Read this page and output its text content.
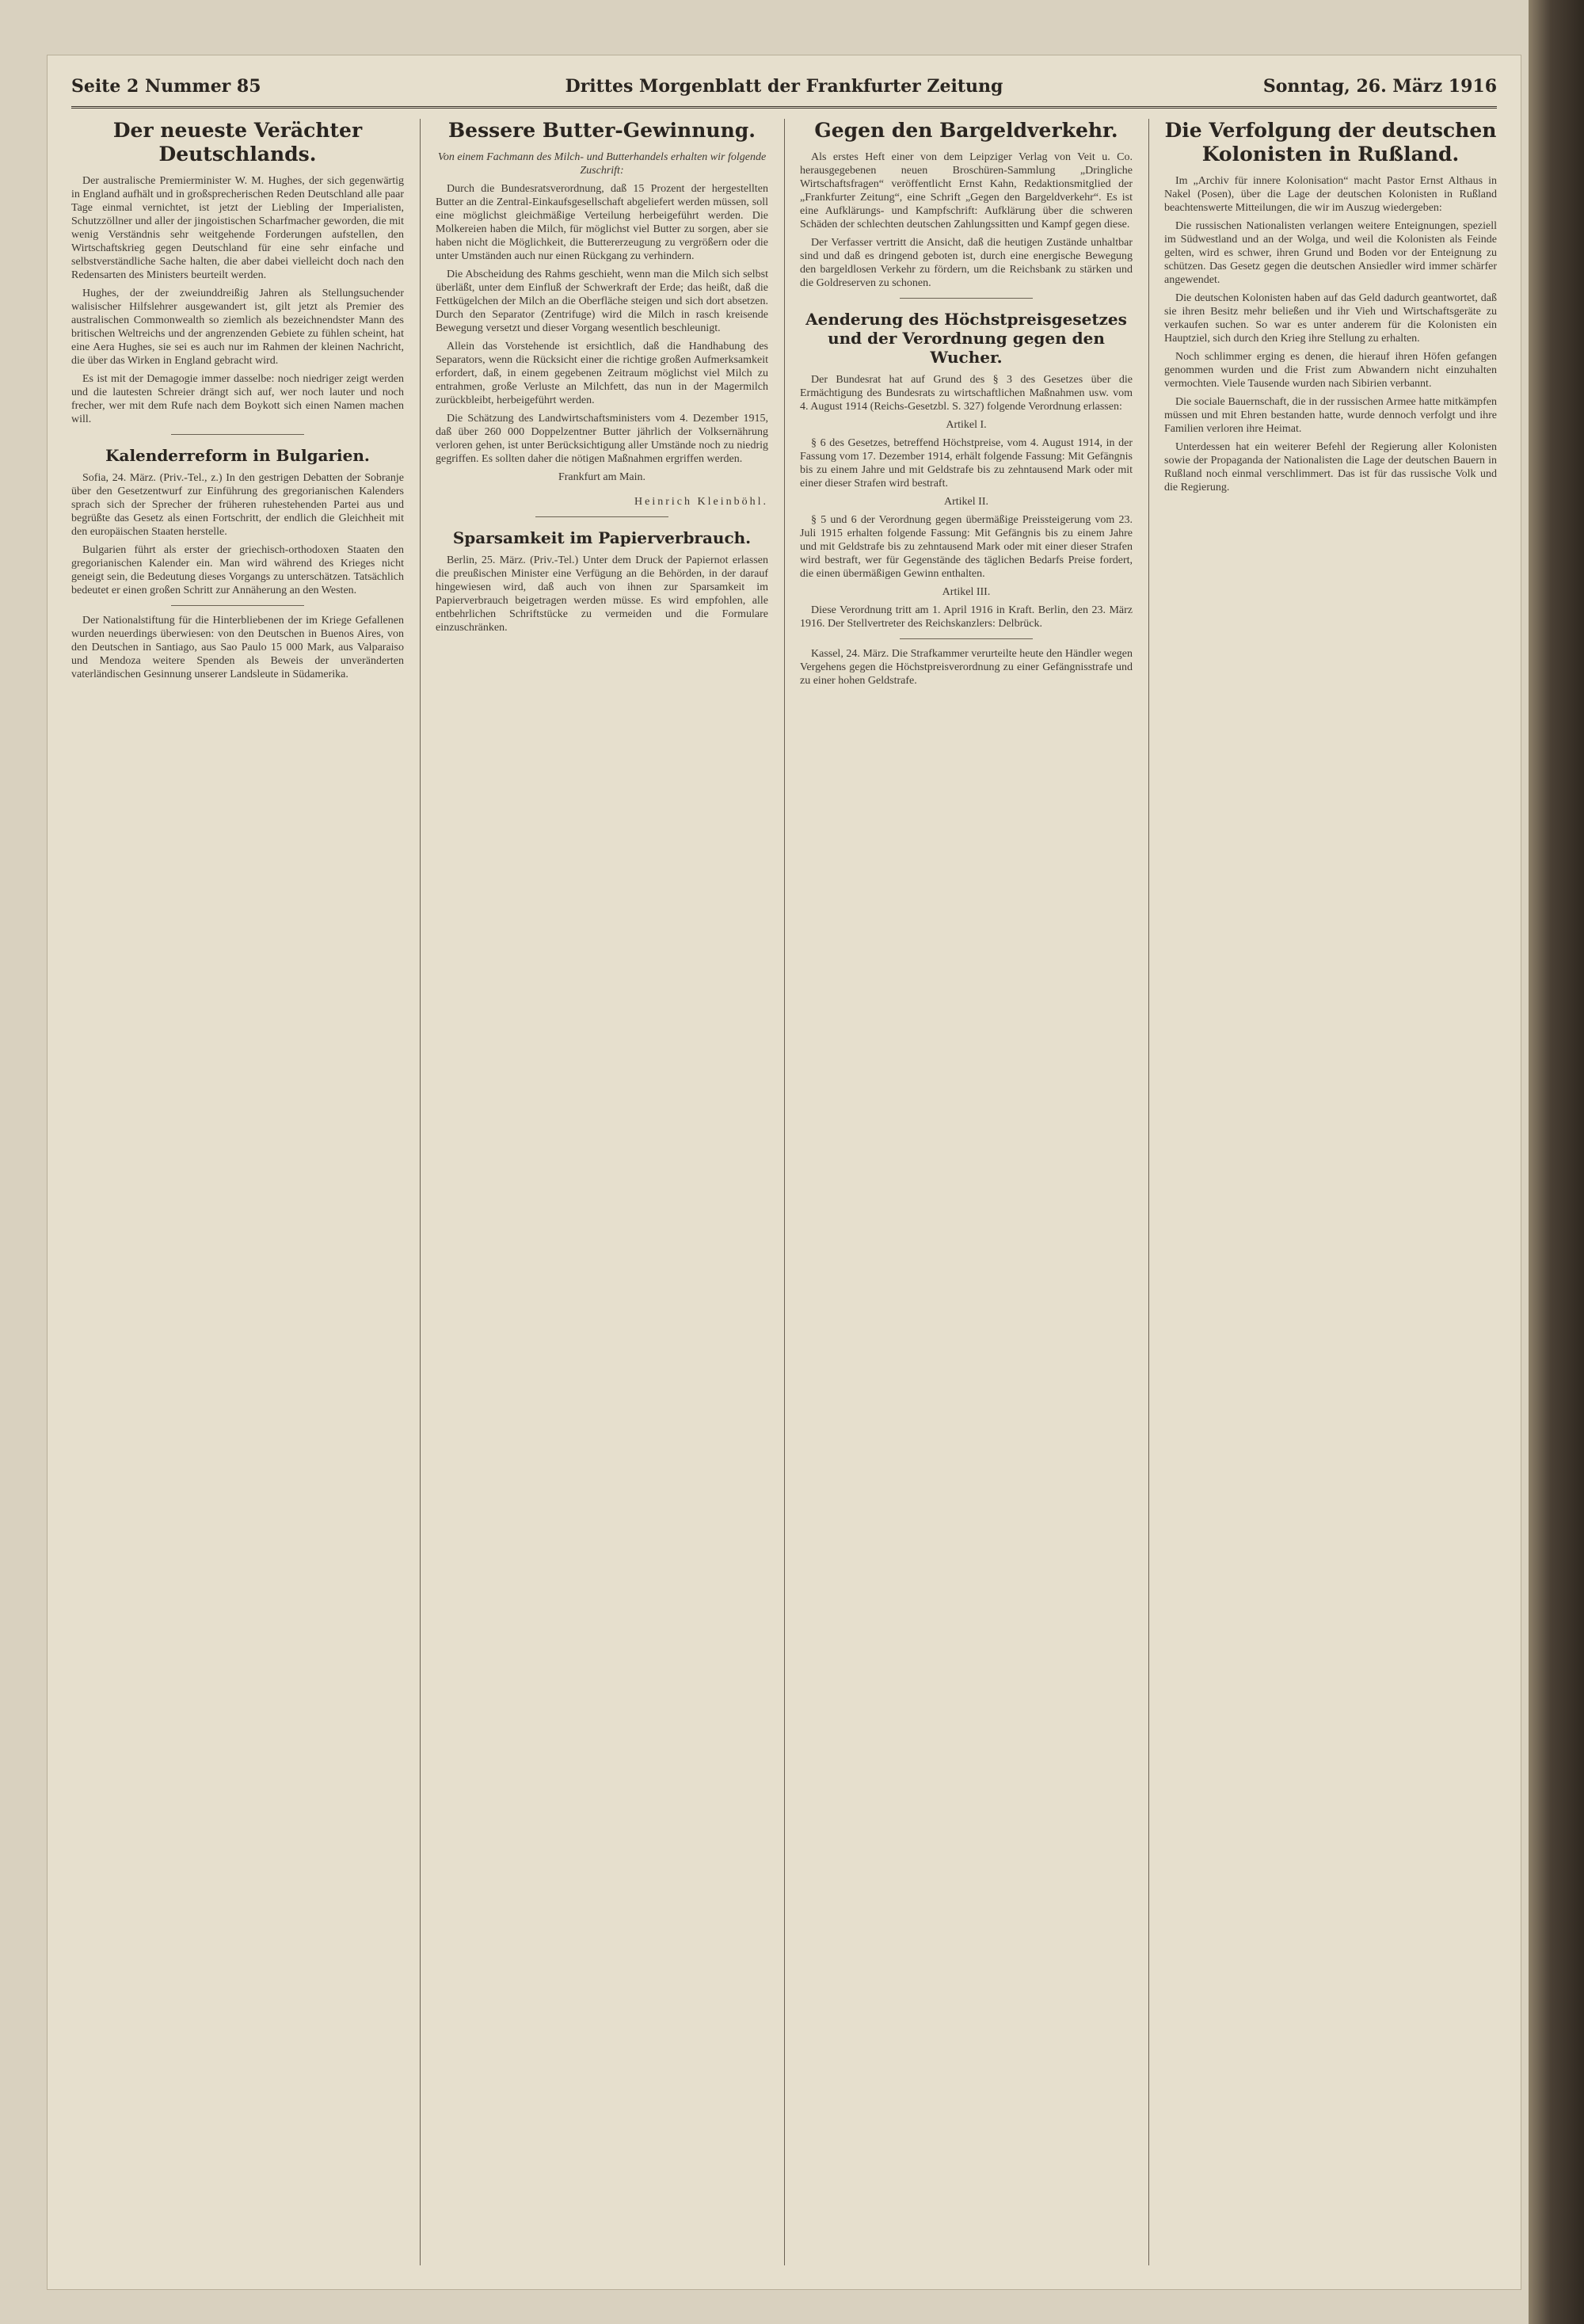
Seite 2 Nummer 85	Drittes Morgenblatt der Frankfurter Zeitung	Sonntag, 26. März 1916
Der neueste Verächter Deutschlands.

Der australische Premierminister W. M. Hughes, der sich gegenwärtig in England aufhält und in großsprecherischen Reden Deutschland alle paar Tage einmal vernichtet, ist jetzt der Liebling der Imperialisten, Schutzzöllner und aller der jingoistischen Scharfmacher geworden, die mit wenig Verständnis sehr weitgehende Forderungen aufstellen, den Wirtschaftskrieg gegen Deutschland für eine sehr einfache und selbstverständliche Sache halten, die aber dabei vielleicht doch nach den Redensarten des Ministers beurteilt werden.

Hughes, der der zweiunddreißig Jahren als Stellungsuchender walisischer Hilfslehrer ausgewandert ist, gilt jetzt als Premier des australischen Commonwealth so ziemlich als bezeichnendster Mann des britischen Weltreichs und der angrenzenden Gebiete zu fühlen scheint, hat eine Aera Hughes, sie sei es auch nur im Rahmen der kleinen Nachricht, die über das Wirken in England gebracht wird.

Es ist mit der Demagogie immer dasselbe: noch niedriger zeigt werden und die lautesten Schreier drängt sich auf, wer noch lauter und noch frecher, wer mit dem Rufe nach dem Boykott sich einen Namen machen will.

Kalenderreform in Bulgarien.

Sofia, 24. März. (Priv.-Tel., z.) In den gestrigen Debatten der Sobranje über den Gesetzentwurf zur Einführung des gregorianischen Kalenders sprach sich der Sprecher der früheren ruhestehenden Partei aus und begrüßte das Gesetz als einen Fortschritt, der endlich die Gleichheit mit den europäischen Staaten herstelle.

Bulgarien führt als erster der griechisch-orthodoxen Staaten den gregorianischen Kalender ein. Man wird während des Krieges nicht geneigt sein, die Bedeutung dieses Vorgangs zu unterschätzen. Tatsächlich bedeutet er einen großen Schritt zur Annäherung an den Westen.

Der Nationalstiftung für die Hinterbliebenen der im Kriege Gefallenen wurden neuerdings überwiesen: von den Deutschen in Buenos Aires, von den Deutschen in Santiago, aus Sao Paulo 15 000 Mark, aus Valparaiso und Mendoza weitere Spenden als Beweis der unveränderten vaterländischen Gesinnung unserer Landsleute in Südamerika.

Bessere Butter-Gewinnung.

Von einem Fachmann des Milch- und Butterhandels erhalten wir folgende Zuschrift:

Durch die Bundesratsverordnung, daß 15 Prozent der hergestellten Butter an die Zentral-Einkaufsgesellschaft abgeliefert werden müssen, soll eine möglichst gleichmäßige Verteilung herbeigeführt werden. Die Molkereien haben die Milch, für möglichst viel Butter zu sorgen, aber sie haben nicht die Möglichkeit, die Buttererzeugung zu vergrößern oder die unter Umständen auch nur einen Rückgang zu verhindern.

Die Abscheidung des Rahms geschieht, wenn man die Milch sich selbst überläßt, unter dem Einfluß der Schwerkraft der Erde; das heißt, daß die Fettkügelchen der Milch an die Oberfläche steigen und sich dort absetzen. Durch den Separator (Zentrifuge) wird die Milch in rasch kreisende Bewegung versetzt und dieser Vorgang wesentlich beschleunigt.

Allein das Vorstehende ist ersichtlich, daß die Handhabung des Separators, wenn die Rücksicht einer die richtige großen Aufmerksamkeit erfordert, daß, in einem gegebenen Zeitraum möglichst viel Milch zu entrahmen, große Verluste an Milchfett, das nun in der Magermilch zurückbleibt, herbeigeführt werden.

Die Schätzung des Landwirtschaftsministers vom 4. Dezember 1915, daß über 260 000 Doppelzentner Butter jährlich der Volksernährung verloren gehen, ist unter Berücksichtigung aller Umstände noch zu niedrig gegriffen. Es sollten daher die nötigen Maßnahmen ergriffen werden.

Frankfurt am Main.

Heinrich Kleinböhl.

Sparsamkeit im Papierverbrauch.

Berlin, 25. März. (Priv.-Tel.) Unter dem Druck der Papiernot erlassen die preußischen Minister eine Verfügung an die Behörden, in der darauf hingewiesen wird, daß auch von ihnen zur Sparsamkeit im Papierverbrauch beigetragen werden müsse. Es wird empfohlen, alle entbehrlichen Schriftstücke zu vermeiden und die Formulare einzuschränken.

Gegen den Bargeldverkehr.

Als erstes Heft einer von dem Leipziger Verlag von Veit u. Co. herausgegebenen neuen Broschüren-Sammlung „Dringliche Wirtschaftsfragen“ veröffentlicht Ernst Kahn, Redaktionsmitglied der „Frankfurter Zeitung“, eine Schrift „Gegen den Bargeldverkehr“. Es ist eine Aufklärungs- und Kampfschrift: Aufklärung über die schweren Schäden der schlechten deutschen Zahlungssitten und Kampf gegen diese.

Der Verfasser vertritt die Ansicht, daß die heutigen Zustände unhaltbar sind und daß es dringend geboten ist, durch eine energische Bewegung den bargeldlosen Verkehr zu fördern, um die Reichsbank zu stärken und die Goldreserven zu schonen.

Aenderung des Höchstpreisgesetzes und der Verordnung gegen den Wucher.

Der Bundesrat hat auf Grund des § 3 des Gesetzes über die Ermächtigung des Bundesrats zu wirtschaftlichen Maßnahmen usw. vom 4. August 1914 (Reichs-Gesetzbl. S. 327) folgende Verordnung erlassen:

Artikel I.

§ 6 des Gesetzes, betreffend Höchstpreise, vom 4. August 1914, in der Fassung vom 17. Dezember 1914, erhält folgende Fassung: Mit Gefängnis bis zu einem Jahre und mit Geldstrafe bis zu zehntausend Mark oder mit einer dieser Strafen wird bestraft.

Artikel II.

§ 5 und 6 der Verordnung gegen übermäßige Preissteigerung vom 23. Juli 1915 erhalten folgende Fassung: Mit Gefängnis bis zu einem Jahre und mit Geldstrafe bis zu zehntausend Mark oder mit einer dieser Strafen wird bestraft, wer für Gegenstände des täglichen Bedarfs Preise fordert, die einen übermäßigen Gewinn enthalten.

Artikel III.

Diese Verordnung tritt am 1. April 1916 in Kraft. Berlin, den 23. März 1916. Der Stellvertreter des Reichskanzlers: Delbrück.

Kassel, 24. März. Die Strafkammer verurteilte heute den Händler wegen Vergehens gegen die Höchstpreisverordnung zu einer Gefängnisstrafe und zu einer hohen Geldstrafe.

Die Verfolgung der deutschen Kolonisten in Rußland.

Im „Archiv für innere Kolonisation“ macht Pastor Ernst Althaus in Nakel (Posen), über die Lage der deutschen Kolonisten in Rußland beachtenswerte Mitteilungen, die wir im Auszug wiedergeben:

Die russischen Nationalisten verlangen weitere Enteignungen, speziell im Südwestland und an der Wolga, und weil die Kolonisten als Feinde gelten, wird es schwer, ihren Grund und Boden vor der Enteignung zu schützen. Das Gesetz gegen die deutschen Ansiedler wird immer schärfer angewendet.

Die deutschen Kolonisten haben auf das Geld dadurch geantwortet, daß sie ihren Besitz mehr beließen und ihr Vieh und Wirtschaftsgeräte zu verkaufen suchen. So war es unter anderem für die Kolonisten ein Hauptziel, sich durch den Krieg ihre Stellung zu erhalten.

Noch schlimmer erging es denen, die hierauf ihren Höfen gefangen genommen wurden und die Frist zum Abwandern nicht einzuhalten vermochten. Viele Tausende wurden nach Sibirien verbannt.

Die sociale Bauernschaft, die in der russischen Armee hatte mitkämpfen müssen und mit Ehren bestanden hatte, wurde dennoch verfolgt und ihre Familien verloren ihre Heimat.

Unterdessen hat ein weiterer Befehl der Regierung aller Kolonisten sowie der Propaganda der Nationalisten die Lage der deutschen Bauern in Rußland noch einmal verschlimmert. Das ist für das russische Volk und die Regierung.
